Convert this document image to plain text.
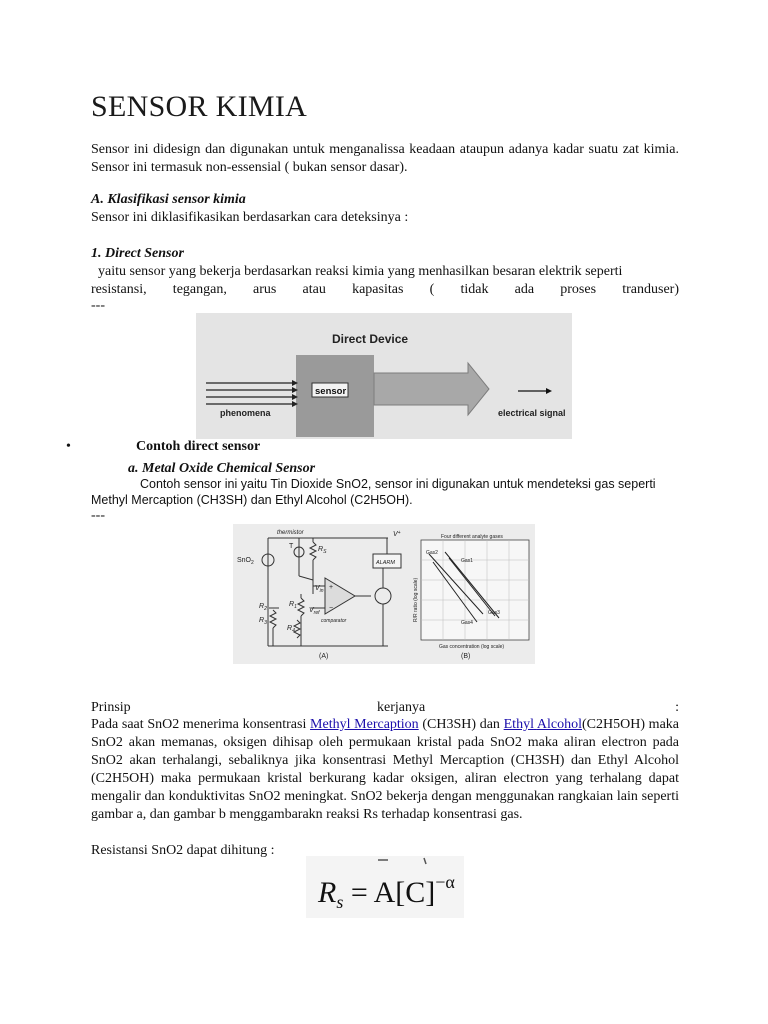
SENSOR KIMIA

Sensor ini didesign dan digunakan untuk menganalissa keadaan ataupun adanya kadar suatu zat kimia. Sensor ini termasuk non-essensial ( bukan sensor dasar).

A. Klasifikasi sensor kimia
Sensor ini diklasifikasikan berdasarkan cara deteksinya :
1. Direct Sensor
yaitu sensor yang bekerja berdasarkan reaksi kimia yang menhasilkan besaran elektrik seperti
resistansi,      tegangan,      arus      atau      kapasitas      (      tidak      ada      proses      tranduser)
---
Direct Device
sensor
phenomena	electrical signal
•	Contoh direct sensor
a. Metal Oxide Chemical Sensor
Contoh sensor ini yaitu Tin Dioxide SnO2, sensor ini digunakan untuk mendeteksi gas seperti
Methyl Mercaption (CH3SH) dan Ethyl Alcohol (C2H5OH).
---
thermistor
SnO$_2$
T	$R_S$
$R_1$
$R_2$
$R_3$
$R_4$
$V_{in}$
$V_{ref}$
V+
ALARM
comparator
+
−
(A)
Four different analyte gases
Gas2
Gas1
Gas4
Gas3
Gas concentration (log scale)
R/R ratio (log scale)
(B)
Prinsip	kerjanya	:

Pada saat SnO2 menerima konsentrasi Methyl Mercaption (CH3SH) dan Ethyl Alcohol(C2H5OH) maka SnO2 akan memanas, oksigen dihisap oleh permukaan kristal pada SnO2 maka aliran electron pada SnO2 akan terhalangi, sebaliknya jika konsentrasi Methyl Mercaption (CH3SH) dan Ethyl Alcohol (C2H5OH) maka permukaan kristal berkurang kadar oksigen, aliran electron yang terhalang dapat mengalir dan konduktivitas SnO2 meningkat. SnO2 bekerja dengan menggunakan rangkaian lain seperti gambar a, dan gambar b menggambarakn reaksi Rs terhadap konsentrasi gas.

Resistansi SnO2 dapat dihitung :
$R_s = A[C]^{-\alpha}$
